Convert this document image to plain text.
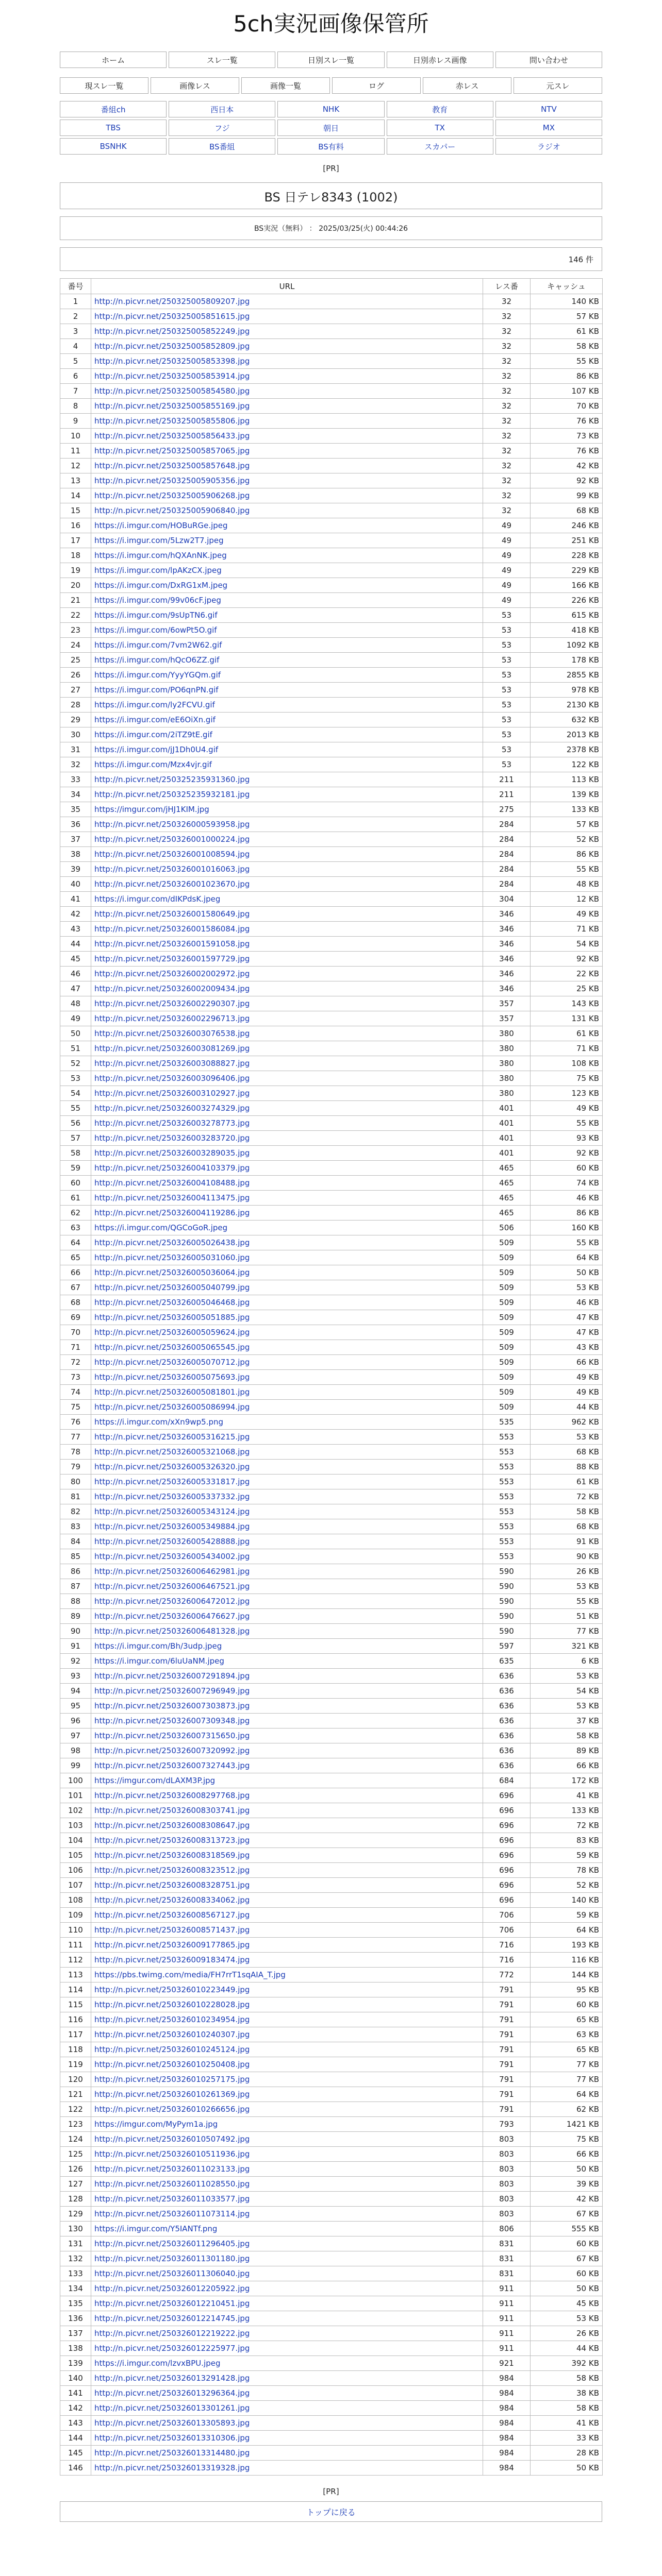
5ch実況画像保管所
ホーム	スレ一覧	日別スレ一覧	日別赤レス画像	問い合わせ
現スレ一覧	画像レス	画像一覧	ログ	赤レス	元スレ
番組ch	西日本	NHK	教育	NTV
TBS	フジ	朝日	TX	MX
BSNHK	BS番組	BS有料	スカパー	ラジオ
[PR]
BS 日テレ8343 (1002)
BS実況（無料） ： 2025/03/25(火) 00:44:26
146 件
番号	URL	レス番	キャッシュ
1	http://n.picvr.net/250325005809207.jpg	32	140 KB
2	http://n.picvr.net/250325005851615.jpg	32	57 KB
3	http://n.picvr.net/250325005852249.jpg	32	61 KB
4	http://n.picvr.net/250325005852809.jpg	32	58 KB
5	http://n.picvr.net/250325005853398.jpg	32	55 KB
6	http://n.picvr.net/250325005853914.jpg	32	86 KB
7	http://n.picvr.net/250325005854580.jpg	32	107 KB
8	http://n.picvr.net/250325005855169.jpg	32	70 KB
9	http://n.picvr.net/250325005855806.jpg	32	76 KB
10	http://n.picvr.net/250325005856433.jpg	32	73 KB
11	http://n.picvr.net/250325005857065.jpg	32	76 KB
12	http://n.picvr.net/250325005857648.jpg	32	42 KB
13	http://n.picvr.net/250325005905356.jpg	32	92 KB
14	http://n.picvr.net/250325005906268.jpg	32	99 KB
15	http://n.picvr.net/250325005906840.jpg	32	68 KB
16	https://i.imgur.com/HOBuRGe.jpeg	49	246 KB
17	https://i.imgur.com/5Lzw2T7.jpeg	49	251 KB
18	https://i.imgur.com/hQXAnNK.jpeg	49	228 KB
19	https://i.imgur.com/lpAKzCX.jpeg	49	229 KB
20	https://i.imgur.com/DxRG1xM.jpeg	49	166 KB
21	https://i.imgur.com/99v06cF.jpeg	49	226 KB
22	https://i.imgur.com/9sUpTN6.gif	53	615 KB
23	https://i.imgur.com/6owPt5O.gif	53	418 KB
24	https://i.imgur.com/7vm2W62.gif	53	1092 KB
25	https://i.imgur.com/hQcO6ZZ.gif	53	178 KB
26	https://i.imgur.com/YyyYGQm.gif	53	2855 KB
27	https://i.imgur.com/PO6qnPN.gif	53	978 KB
28	https://i.imgur.com/ly2FCVU.gif	53	2130 KB
29	https://i.imgur.com/eE6OiXn.gif	53	632 KB
30	https://i.imgur.com/2iTZ9tE.gif	53	2013 KB
31	https://i.imgur.com/jJ1Dh0U4.gif	53	2378 KB
32	https://i.imgur.com/Mzx4vjr.gif	53	122 KB
33	http://n.picvr.net/250325235931360.jpg	211	113 KB
34	http://n.picvr.net/250325235932181.jpg	211	139 KB
35	https://imgur.com/jHJ1KIM.jpg	275	133 KB
36	http://n.picvr.net/250326000593958.jpg	284	57 KB
37	http://n.picvr.net/250326001000224.jpg	284	52 KB
38	http://n.picvr.net/250326001008594.jpg	284	86 KB
39	http://n.picvr.net/250326001016063.jpg	284	55 KB
40	http://n.picvr.net/250326001023670.jpg	284	48 KB
41	https://i.imgur.com/dIKPdsK.jpeg	304	12 KB
42	http://n.picvr.net/250326001580649.jpg	346	49 KB
43	http://n.picvr.net/250326001586084.jpg	346	71 KB
44	http://n.picvr.net/250326001591058.jpg	346	54 KB
45	http://n.picvr.net/250326001597729.jpg	346	92 KB
46	http://n.picvr.net/250326002002972.jpg	346	22 KB
47	http://n.picvr.net/250326002009434.jpg	346	25 KB
48	http://n.picvr.net/250326002290307.jpg	357	143 KB
49	http://n.picvr.net/250326002296713.jpg	357	131 KB
50	http://n.picvr.net/250326003076538.jpg	380	61 KB
51	http://n.picvr.net/250326003081269.jpg	380	71 KB
52	http://n.picvr.net/250326003088827.jpg	380	108 KB
53	http://n.picvr.net/250326003096406.jpg	380	75 KB
54	http://n.picvr.net/250326003102927.jpg	380	123 KB
55	http://n.picvr.net/250326003274329.jpg	401	49 KB
56	http://n.picvr.net/250326003278773.jpg	401	55 KB
57	http://n.picvr.net/250326003283720.jpg	401	93 KB
58	http://n.picvr.net/250326003289035.jpg	401	92 KB
59	http://n.picvr.net/250326004103379.jpg	465	60 KB
60	http://n.picvr.net/250326004108488.jpg	465	74 KB
61	http://n.picvr.net/250326004113475.jpg	465	46 KB
62	http://n.picvr.net/250326004119286.jpg	465	86 KB
63	https://i.imgur.com/QGCoGoR.jpeg	506	160 KB
64	http://n.picvr.net/250326005026438.jpg	509	55 KB
65	http://n.picvr.net/250326005031060.jpg	509	64 KB
66	http://n.picvr.net/250326005036064.jpg	509	50 KB
67	http://n.picvr.net/250326005040799.jpg	509	53 KB
68	http://n.picvr.net/250326005046468.jpg	509	46 KB
69	http://n.picvr.net/250326005051885.jpg	509	47 KB
70	http://n.picvr.net/250326005059624.jpg	509	47 KB
71	http://n.picvr.net/250326005065545.jpg	509	43 KB
72	http://n.picvr.net/250326005070712.jpg	509	66 KB
73	http://n.picvr.net/250326005075693.jpg	509	49 KB
74	http://n.picvr.net/250326005081801.jpg	509	49 KB
75	http://n.picvr.net/250326005086994.jpg	509	44 KB
76	https://i.imgur.com/xXn9wp5.png	535	962 KB
77	http://n.picvr.net/250326005316215.jpg	553	53 KB
78	http://n.picvr.net/250326005321068.jpg	553	68 KB
79	http://n.picvr.net/250326005326320.jpg	553	88 KB
80	http://n.picvr.net/250326005331817.jpg	553	61 KB
81	http://n.picvr.net/250326005337332.jpg	553	72 KB
82	http://n.picvr.net/250326005343124.jpg	553	58 KB
83	http://n.picvr.net/250326005349884.jpg	553	68 KB
84	http://n.picvr.net/250326005428888.jpg	553	91 KB
85	http://n.picvr.net/250326005434002.jpg	553	90 KB
86	http://n.picvr.net/250326006462981.jpg	590	26 KB
87	http://n.picvr.net/250326006467521.jpg	590	53 KB
88	http://n.picvr.net/250326006472012.jpg	590	55 KB
89	http://n.picvr.net/250326006476627.jpg	590	51 KB
90	http://n.picvr.net/250326006481328.jpg	590	77 KB
91	https://i.imgur.com/Bh/3udp.jpeg	597	321 KB
92	https://i.imgur.com/6luUaNM.jpeg	635	6 KB
93	http://n.picvr.net/250326007291894.jpg	636	53 KB
94	http://n.picvr.net/250326007296949.jpg	636	54 KB
95	http://n.picvr.net/250326007303873.jpg	636	53 KB
96	http://n.picvr.net/250326007309348.jpg	636	37 KB
97	http://n.picvr.net/250326007315650.jpg	636	58 KB
98	http://n.picvr.net/250326007320992.jpg	636	89 KB
99	http://n.picvr.net/250326007327443.jpg	636	66 KB
100	https://imgur.com/dLAXM3P.jpg	684	172 KB
101	http://n.picvr.net/250326008297768.jpg	696	41 KB
102	http://n.picvr.net/250326008303741.jpg	696	133 KB
103	http://n.picvr.net/250326008308647.jpg	696	72 KB
104	http://n.picvr.net/250326008313723.jpg	696	83 KB
105	http://n.picvr.net/250326008318569.jpg	696	59 KB
106	http://n.picvr.net/250326008323512.jpg	696	78 KB
107	http://n.picvr.net/250326008328751.jpg	696	52 KB
108	http://n.picvr.net/250326008334062.jpg	696	140 KB
109	http://n.picvr.net/250326008567127.jpg	706	59 KB
110	http://n.picvr.net/250326008571437.jpg	706	64 KB
111	http://n.picvr.net/250326009177865.jpg	716	193 KB
112	http://n.picvr.net/250326009183474.jpg	716	116 KB
113	https://pbs.twimg.com/media/FH7rrT1sqAIA_T.jpg	772	144 KB
114	http://n.picvr.net/250326010223449.jpg	791	95 KB
115	http://n.picvr.net/250326010228028.jpg	791	60 KB
116	http://n.picvr.net/250326010234954.jpg	791	65 KB
117	http://n.picvr.net/250326010240307.jpg	791	63 KB
118	http://n.picvr.net/250326010245124.jpg	791	65 KB
119	http://n.picvr.net/250326010250408.jpg	791	77 KB
120	http://n.picvr.net/250326010257175.jpg	791	77 KB
121	http://n.picvr.net/250326010261369.jpg	791	64 KB
122	http://n.picvr.net/250326010266656.jpg	791	62 KB
123	https://imgur.com/MyPym1a.jpg	793	1421 KB
124	http://n.picvr.net/250326010507492.jpg	803	75 KB
125	http://n.picvr.net/250326010511936.jpg	803	66 KB
126	http://n.picvr.net/250326011023133.jpg	803	50 KB
127	http://n.picvr.net/250326011028550.jpg	803	39 KB
128	http://n.picvr.net/250326011033577.jpg	803	42 KB
129	http://n.picvr.net/250326011073114.jpg	803	67 KB
130	https://i.imgur.com/Y5IANTf.png	806	555 KB
131	http://n.picvr.net/250326011296405.jpg	831	60 KB
132	http://n.picvr.net/250326011301180.jpg	831	67 KB
133	http://n.picvr.net/250326011306040.jpg	831	60 KB
134	http://n.picvr.net/250326012205922.jpg	911	50 KB
135	http://n.picvr.net/250326012210451.jpg	911	45 KB
136	http://n.picvr.net/250326012214745.jpg	911	53 KB
137	http://n.picvr.net/250326012219222.jpg	911	26 KB
138	http://n.picvr.net/250326012225977.jpg	911	44 KB
139	https://i.imgur.com/lzvxBPU.jpeg	921	392 KB
140	http://n.picvr.net/250326013291428.jpg	984	58 KB
141	http://n.picvr.net/250326013296364.jpg	984	38 KB
142	http://n.picvr.net/250326013301261.jpg	984	58 KB
143	http://n.picvr.net/250326013305893.jpg	984	41 KB
144	http://n.picvr.net/250326013310306.jpg	984	33 KB
145	http://n.picvr.net/250326013314480.jpg	984	28 KB
146	http://n.picvr.net/250326013319328.jpg	984	50 KB
[PR]
トップに戻る
